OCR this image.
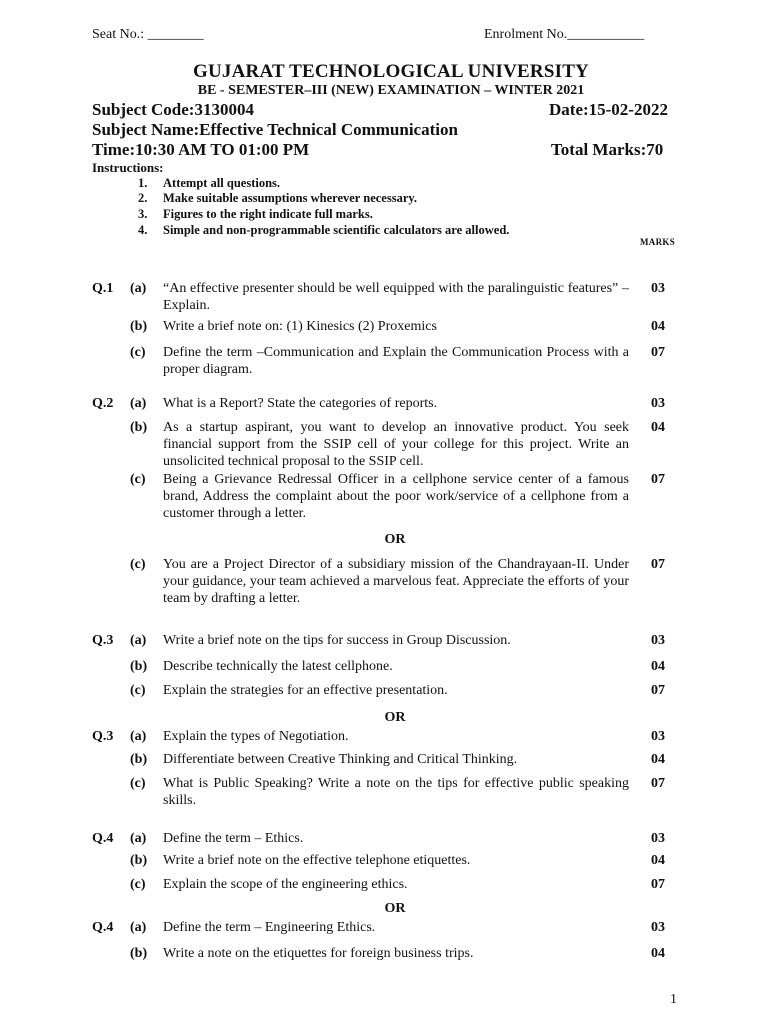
Seat No.: ________	Enrolment No.___________
GUJARAT TECHNOLOGICAL UNIVERSITY
BE - SEMESTER–III (NEW) EXAMINATION – WINTER 2021
Subject Code:3130004	Date:15-02-2022
Subject Name:Effective Technical Communication
Time:10:30 AM TO 01:00 PM	Total Marks:70
Instructions:
1. Attempt all questions.
2. Make suitable assumptions wherever necessary.
3. Figures to the right indicate full marks.
4. Simple and non-programmable scientific calculators are allowed.
MARKS
Q.1 (a) “An effective presenter should be well equipped with the paralinguistic features” – Explain.
03
(b) Write a brief note on: (1) Kinesics (2) Proxemics	04
(c) Define the term –Communication and Explain the Communication Process with a proper diagram.
07
Q.2 (a) What is a Report? State the categories of reports.	03
(b) As a startup aspirant, you want to develop an innovative product. You seek financial support from the SSIP cell of your college for this project. Write an unsolicited technical proposal to the SSIP cell.
04
(c) Being a Grievance Redressal Officer in a cellphone service center of a famous brand, Address the complaint about the poor work/service of a cellphone from a customer through a letter.
07
OR
(c) You are a Project Director of a subsidiary mission of the Chandrayaan-II. Under your guidance, your team achieved a marvelous feat. Appreciate the efforts of your team by drafting a letter.
07
Q.3 (a) Write a brief note on the tips for success in Group Discussion.	03
(b) Describe technically the latest cellphone.	04
(c) Explain the strategies for an effective presentation.	07
OR
Q.3 (a) Explain the types of Negotiation.	03
(b) Differentiate between Creative Thinking and Critical Thinking.	04
(c) What is Public Speaking? Write a note on the tips for effective public speaking skills.
07
Q.4 (a) Define the term – Ethics.	03
(b) Write a brief note on the effective telephone etiquettes.	04
(c) Explain the scope of the engineering ethics.	07
OR
Q.4 (a) Define the term – Engineering Ethics.	03
(b) Write a note on the etiquettes for foreign business trips.	04
1
